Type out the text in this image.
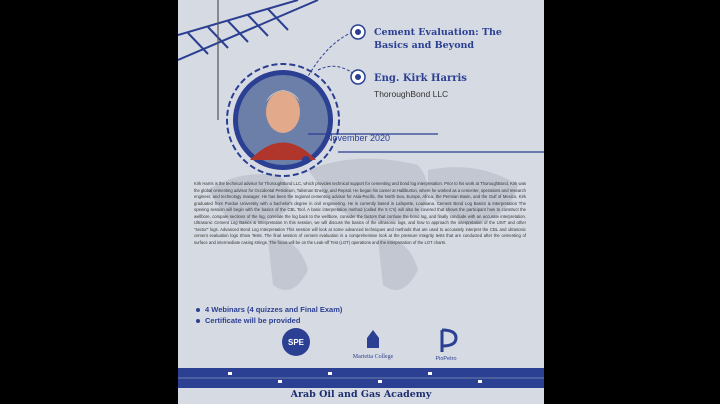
Cement Evaluation: The Basics and Beyond
Eng. Kirk Harris
ThoroughBond LLC
November 2020
Kirk Harris is the technical advisor for ThoroughBond LLC, which provides technical support for cementing and bond log interpretation. Prior to his work at ThoroughBond, Kirk was the global cementing advisor for Occidental Petroleum, Talisman Energy, and Repsol. He began his career at Halliburton, where he worked as a cementer, operations and research engineer, and technology manager. He has been the regional cementing advisor for Asia-Pacific, the North Sea, Europe, Africa, the Permian Basin, and the Gulf of Mexico. Kirk graduated from Purdue University with a bachelor's degree in civil engineering. He is currently based in Lafayette, Louisiana. Cement Bond Log Basics & Interpretation The opening session will begin with the basics of the CBL Tool. A basic interpretation method (called the 5 C's) will also be covered that shows the participant how to construct the wellbore, compare sections of the log, correlate the log back to the wellbore, consider the factors that confuse the bond log, and finally conclude with an accurate interpretation. Ultrasonic Cement Log Basics & Interpretation In this session, we will discuss the basics of the ultrasonic logs, and how to approach the interpretation of the USIT and other "sector" logs. Advanced Bond Log Interpretation This session will look at some advanced techniques and methods that are used to accurately interpret the CBL and ultrasonic cement evaluation logs Show Tests. The final session of cement evaluation is a comprehensive look at the pressure integrity tests that are conducted after the cementing of surface and intermediate casing strings. The focus will be on the Leak-off Test (LOT) operations and the interpretation of the LOT charts.
4 Webinars (4 quizzes and Final Exam)
Certificate will be provided
SPE
Marietta College	PioPetro
Arab Oil and Gas Academy
